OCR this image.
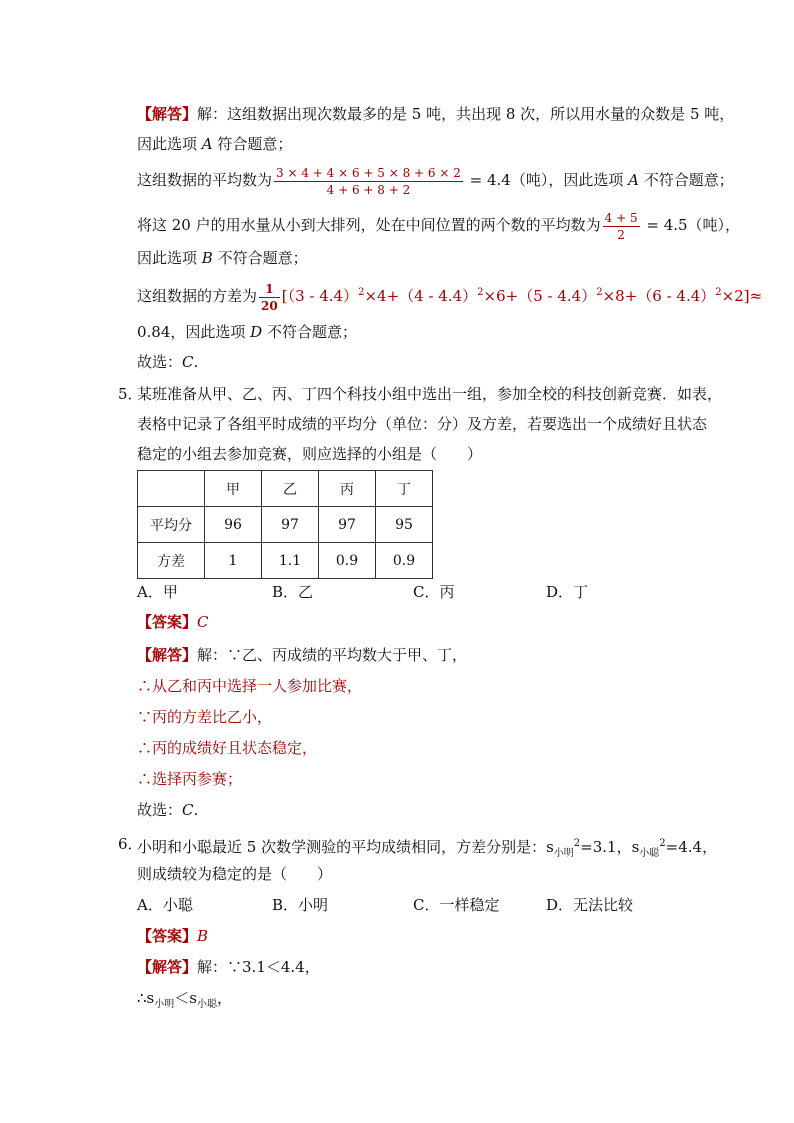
【解答】解：这组数据出现次数最多的是 5 吨，共出现 8 次，所以用水量的众数是 5 吨，
因此选项 A 符合题意；
这组数据的平均数为 $\frac{3 \times 4 + 4 \times 6 + 5 \times 8 + 6 \times 2}{4 + 6 + 8 + 2} = 4.4$（吨），因此选项 A 不符合题意；
将这 20 户的用水量从小到大排列，处在中间位置的两个数的平均数为 $\frac{4 + 5}{2} = 4.5$（吨），
因此选项 B 不符合题意；
这组数据的方差为 $\frac{1}{20} [(3 - 4.4)^2\times 4+(4 - 4.4)^2\times 6+(5 - 4.4)^2\times 8+(6 - 4.4)^2\times 2]\approx$
0.84，因此选项 D 不符合题意；
故选：C.
5．
某班准备从甲、乙、丙、丁四个科技小组中选出一组，参加全校的科技创新竞赛．如表，
表格中记录了各组平时成绩的平均分（单位：分）及方差，若要选出一个成绩好且状态
稳定的小组去参加竞赛，则应选择的小组是（　　）
	甲	乙	丙	丁
平均分	96	97	97	95
方差	1	1.1	0.9	0.9
A．甲	B．乙	C．丙	D．丁
【答案】C
【解答】解：∵乙、丙成绩的平均数大于甲、丁，
∴从乙和丙中选择一人参加比赛，
∵丙的方差比乙小，
∴丙的成绩好且状态稳定，
∴选择丙参赛；
故选：C.
6．
小明和小聪最近 5 次数学测验的平均成绩相同，方差分别是：$s_{小明}^2=3.1$，$s_{小聪}^2=4.4$，
则成绩较为稳定的是（　　）
A．小聪	B．小明	C．一样稳定	D．无法比较
【答案】B
【解答】解：∵3.1＜4.4，
$\therefore s_{小明}<s_{小聪}$，
